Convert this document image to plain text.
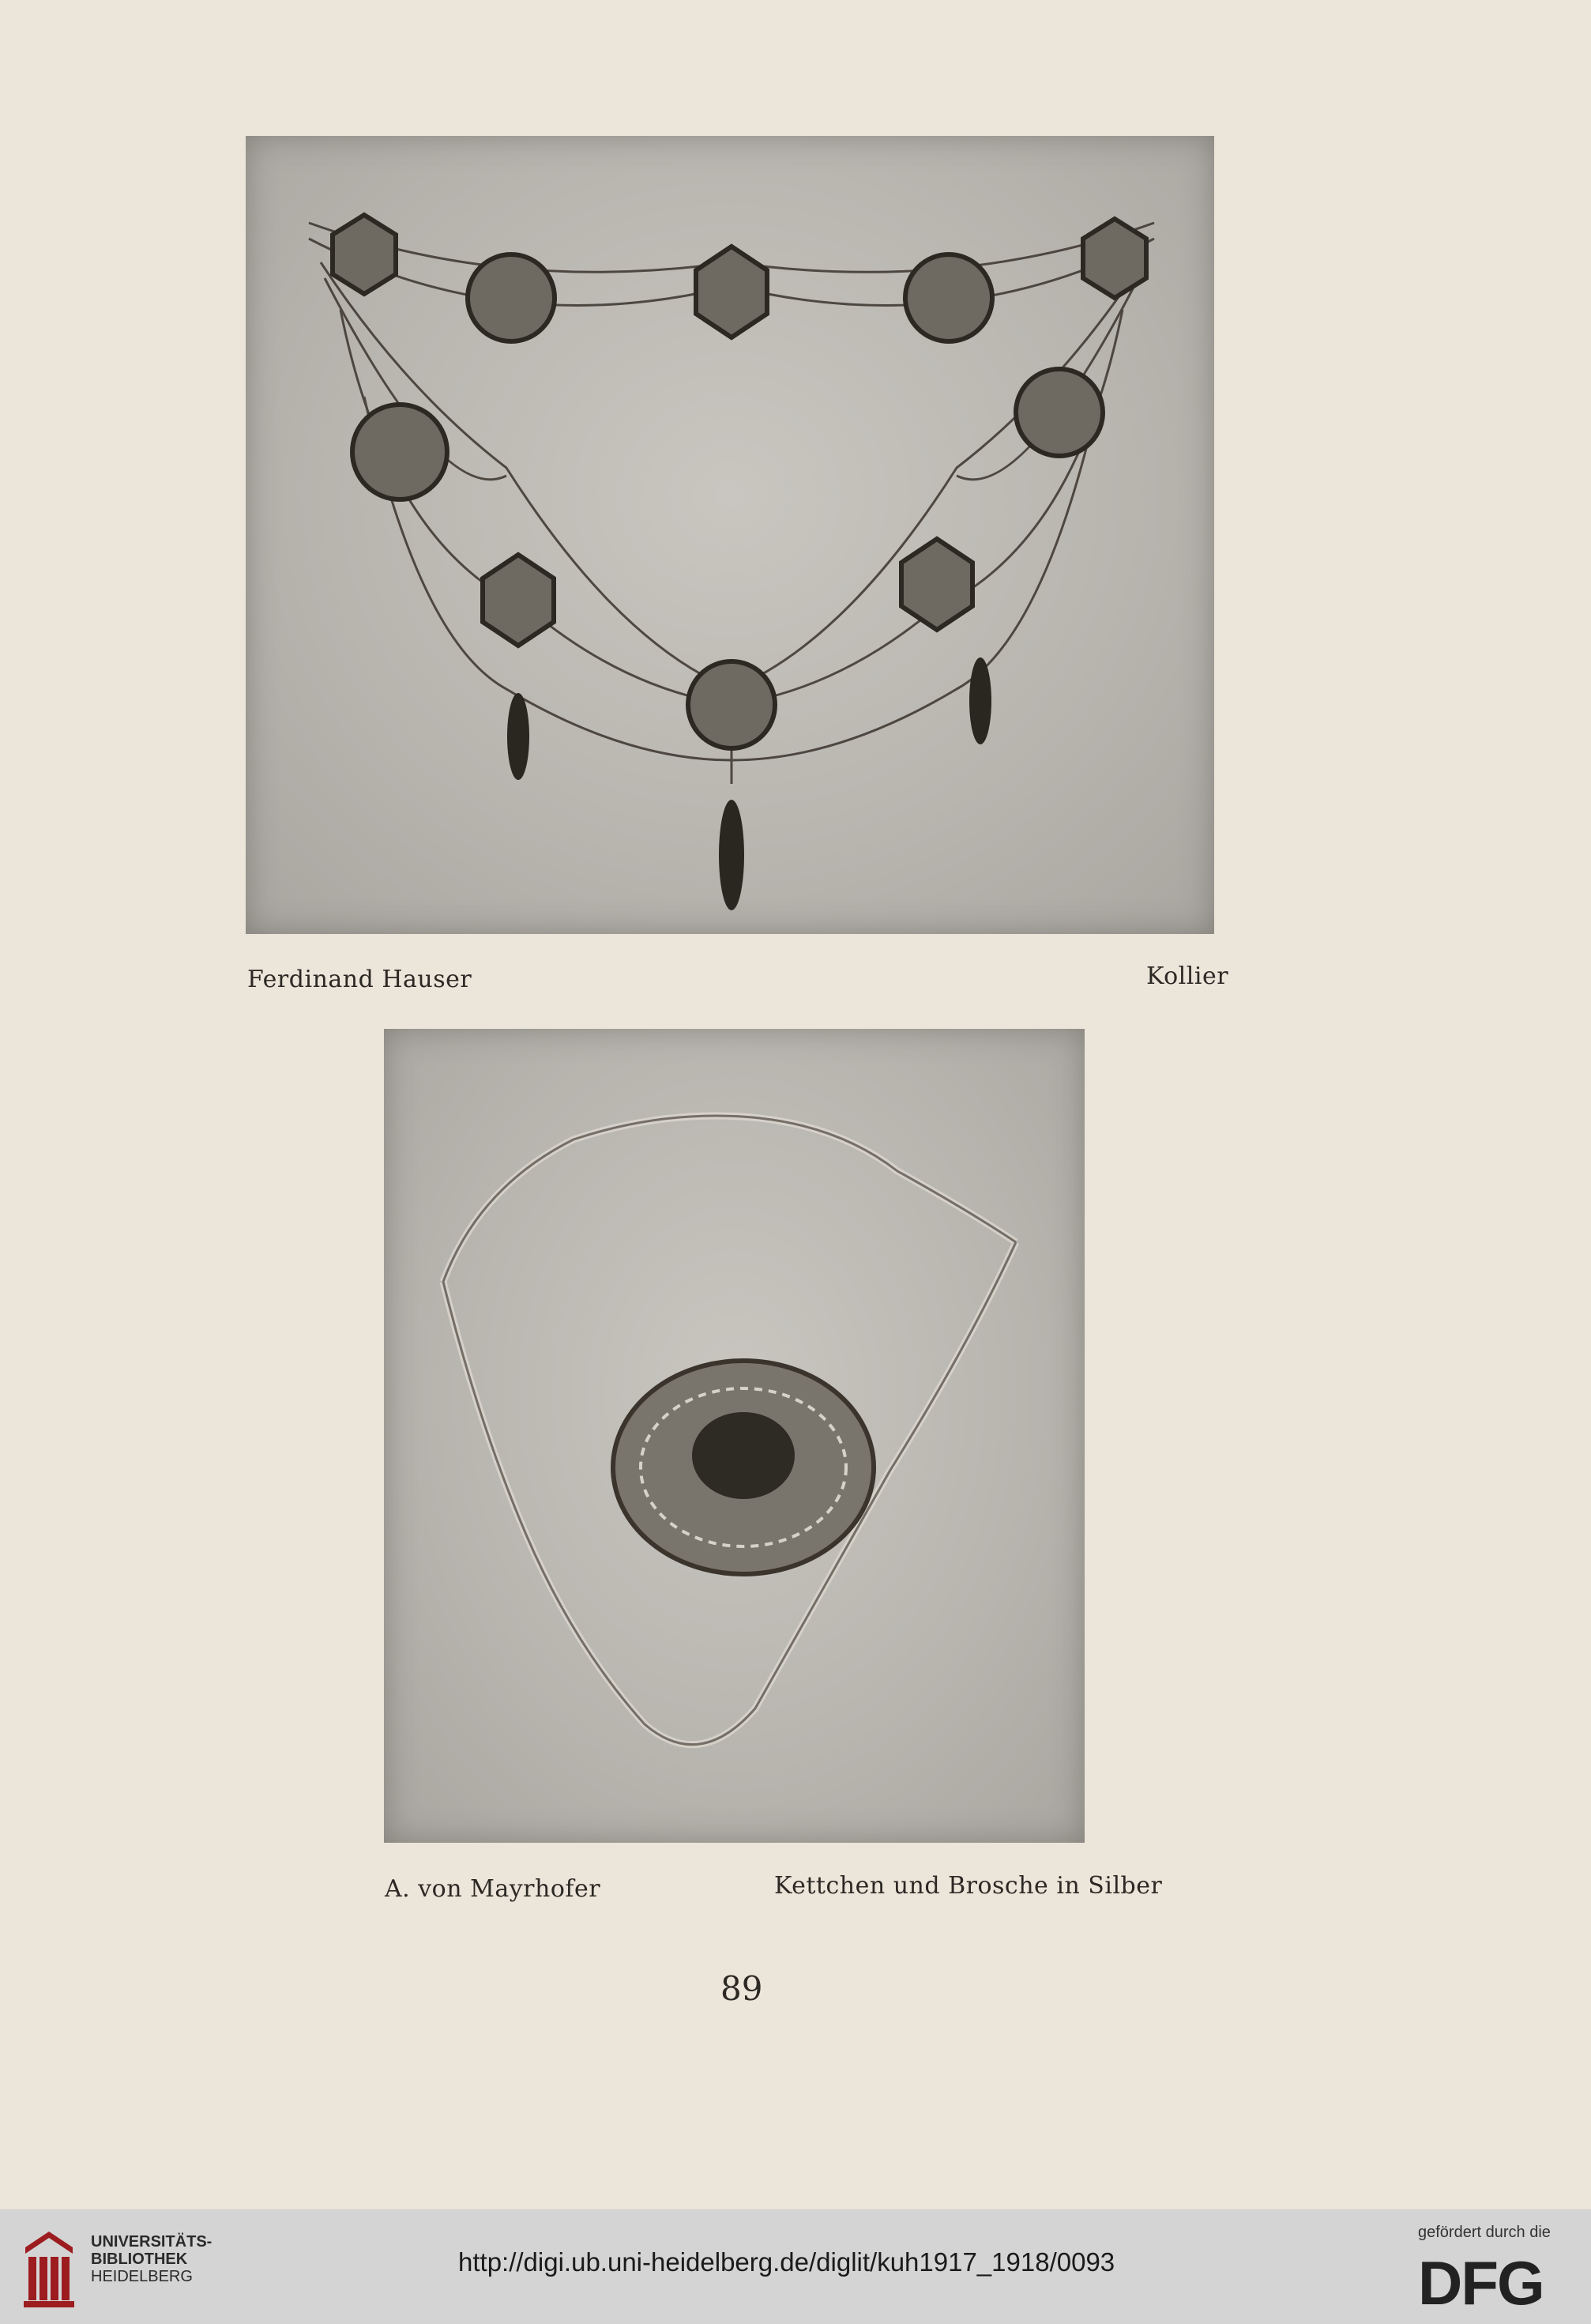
Ferdinand Hauser	Kollier
A. von Mayrhofer	Kettchen und Brosche in Silber
89
UNIVERSITÄTS-
BIBLIOTHEK
HEIDELBERG	http://digi.ub.uni-heidelberg.de/diglit/kuh1917_1918/0093
gefördert durch die
DFG
